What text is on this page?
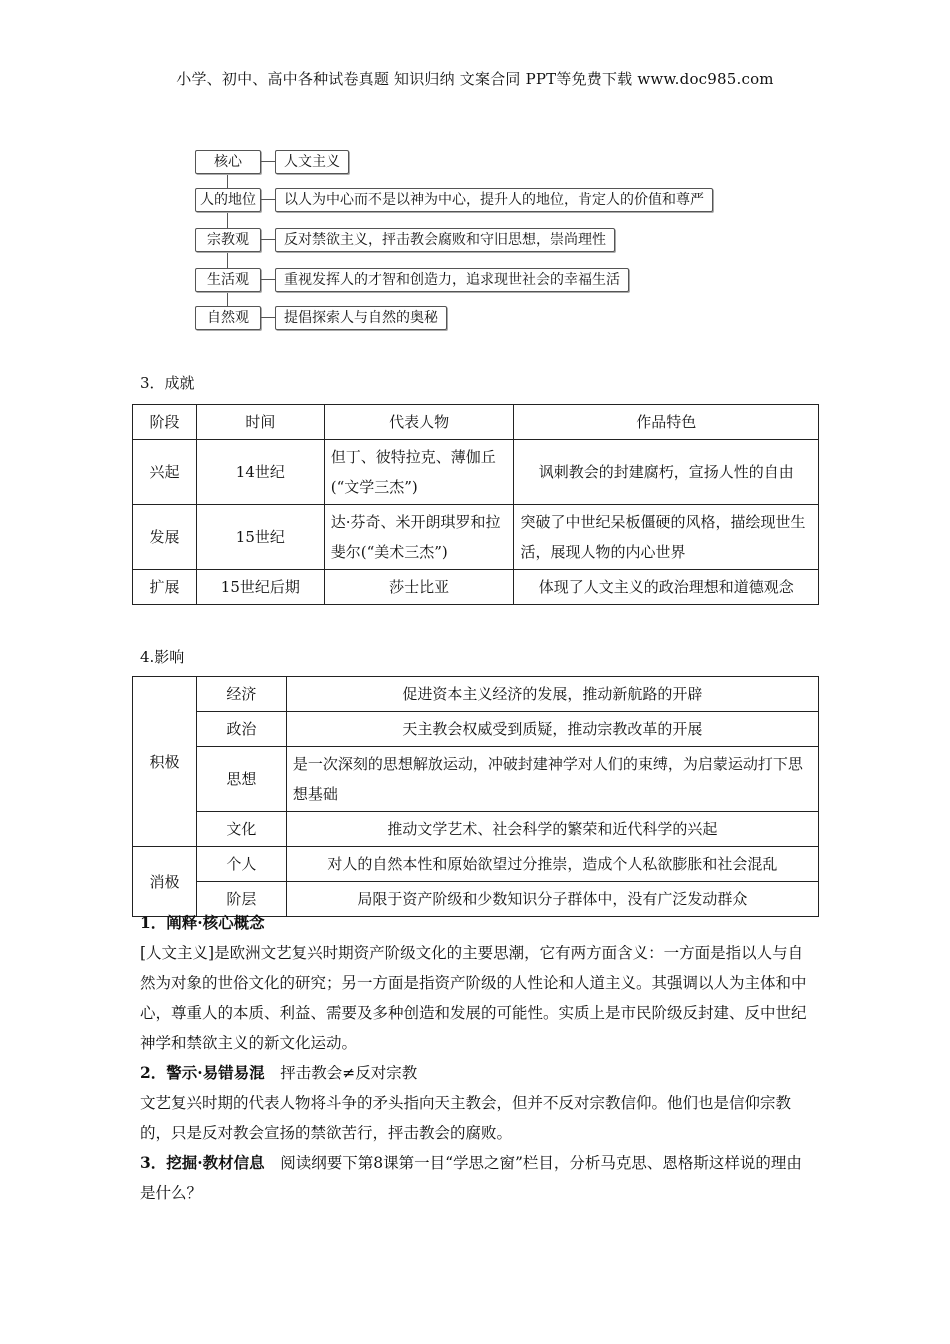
小学、初中、高中各种试卷真题 知识归纳 文案合同 PPT等免费下载 www.doc985.com
核心	人文主义
人的地位	以人为中心而不是以神为中心，提升人的地位，肯定人的价值和尊严
宗教观	反对禁欲主义，抨击教会腐败和守旧思想，崇尚理性
生活观	重视发挥人的才智和创造力，追求现世社会的幸福生活
自然观	提倡探索人与自然的奥秘
3．成就
阶段	时间	代表人物	作品特色
兴起	14世纪	但丁、彼特拉克、薄伽丘(“文学三杰”)	讽刺教会的封建腐朽，宣扬人性的自由
发展	15世纪	达·芬奇、米开朗琪罗和拉斐尔(“美术三杰”)	突破了中世纪呆板僵硬的风格，描绘现世生活，展现人物的内心世界
扩展	15世纪后期	莎士比亚	体现了人文主义的政治理想和道德观念
4.影响
积极	经济	促进资本主义经济的发展，推动新航路的开辟
	政治	天主教会权威受到质疑，推动宗教改革的开展
	思想	是一次深刻的思想解放运动，冲破封建神学对人们的束缚，为启蒙运动打下思想基础
	文化	推动文学艺术、社会科学的繁荣和近代科学的兴起
消极	个人	对人的自然本性和原始欲望过分推崇，造成个人私欲膨胀和社会混乱
	阶层	局限于资产阶级和少数知识分子群体中，没有广泛发动群众

1．阐释·核心概念

[人文主义]是欧洲文艺复兴时期资产阶级文化的主要思潮，它有两方面含义：一方面是指以人与自然为对象的世俗文化的研究；另一方面是指资产阶级的人性论和人道主义。其强调以人为主体和中心，尊重人的本质、利益、需要及多种创造和发展的可能性。实质上是市民阶级反封建、反中世纪神学和禁欲主义的新文化运动。

2．警示·易错易混　 抨击教会≠反对宗教

文艺复兴时期的代表人物将斗争的矛头指向天主教会，但并不反对宗教信仰。他们也是信仰宗教的，只是反对教会宣扬的禁欲苦行，抨击教会的腐败。

3．挖掘·教材信息　 阅读纲要下第8课第一目“学思之窗”栏目，分析马克思、恩格斯这样说的理由是什么？
